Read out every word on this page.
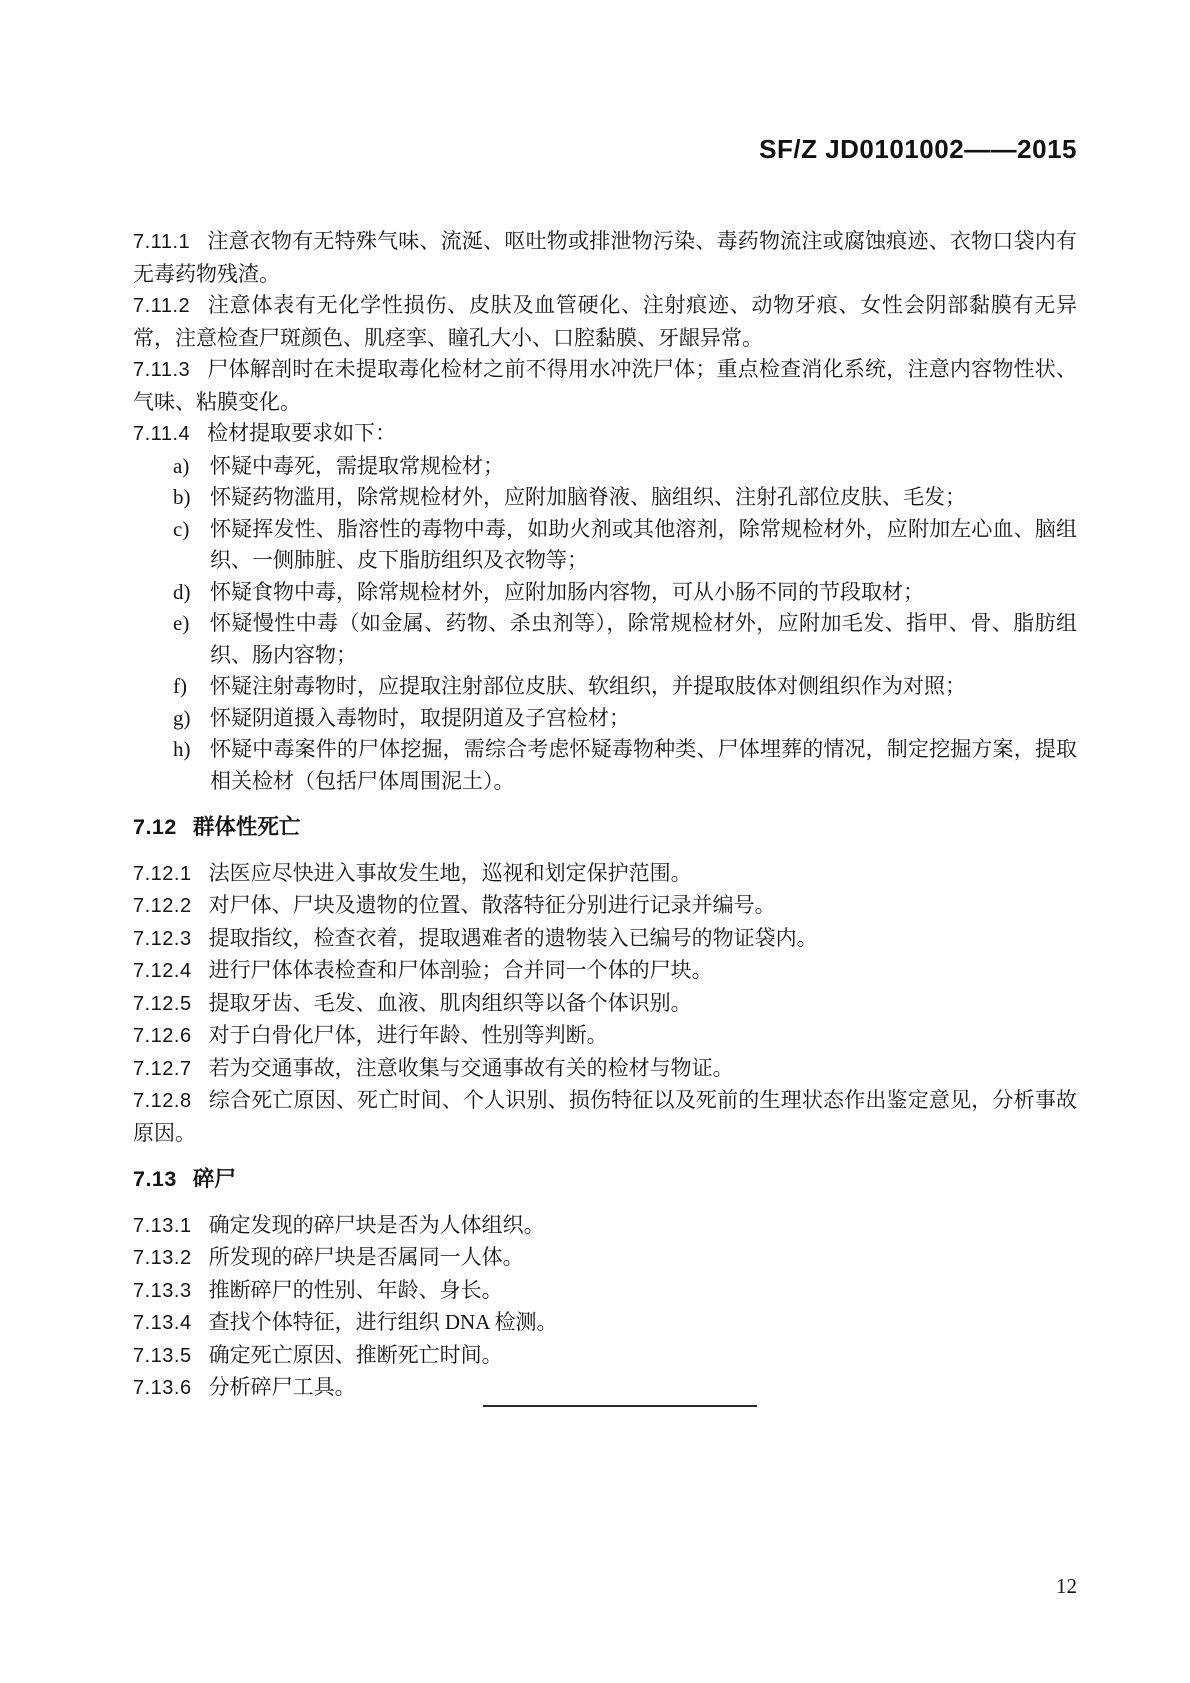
SF/Z JD0101002——2015

7.11.1 注意衣物有无特殊气味、流涎、呕吐物或排泄物污染、毒药物流注或腐蚀痕迹、衣物口袋内有无毒药物残渣。

7.11.2 注意体表有无化学性损伤、皮肤及血管硬化、注射痕迹、动物牙痕、女性会阴部黏膜有无异常，注意检查尸斑颜色、肌痉挛、瞳孔大小、口腔黏膜、牙龈异常。

7.11.3 尸体解剖时在未提取毒化检材之前不得用水冲洗尸体；重点检查消化系统，注意内容物性状、气味、粘膜变化。

7.11.4 检材提取要求如下：

a) 怀疑中毒死，需提取常规检材；

b) 怀疑药物滥用，除常规检材外，应附加脑脊液、脑组织、注射孔部位皮肤、毛发；

c) 怀疑挥发性、脂溶性的毒物中毒，如助火剂或其他溶剂，除常规检材外，应附加左心血、脑组织、一侧肺脏、皮下脂肪组织及衣物等；

d) 怀疑食物中毒，除常规检材外，应附加肠内容物，可从小肠不同的节段取材；

e) 怀疑慢性中毒（如金属、药物、杀虫剂等），除常规检材外，应附加毛发、指甲、骨、脂肪组织、肠内容物；

f) 怀疑注射毒物时，应提取注射部位皮肤、软组织，并提取肢体对侧组织作为对照；

g) 怀疑阴道摄入毒物时，取提阴道及子宫检材；

h) 怀疑中毒案件的尸体挖掘，需综合考虑怀疑毒物种类、尸体埋葬的情况，制定挖掘方案，提取相关检材（包括尸体周围泥土）。

7.12 群体性死亡

7.12.1 法医应尽快进入事故发生地，巡视和划定保护范围。

7.12.2 对尸体、尸块及遗物的位置、散落特征分别进行记录并编号。

7.12.3 提取指纹，检查衣着，提取遇难者的遗物装入已编号的物证袋内。

7.12.4 进行尸体体表检查和尸体剖验；合并同一个体的尸块。

7.12.5 提取牙齿、毛发、血液、肌肉组织等以备个体识别。

7.12.6 对于白骨化尸体，进行年龄、性别等判断。

7.12.7 若为交通事故，注意收集与交通事故有关的检材与物证。

7.12.8 综合死亡原因、死亡时间、个人识别、损伤特征以及死前的生理状态作出鉴定意见，分析事故原因。

7.13 碎尸

7.13.1 确定发现的碎尸块是否为人体组织。

7.13.2 所发现的碎尸块是否属同一人体。

7.13.3 推断碎尸的性别、年龄、身长。

7.13.4 查找个体特征，进行组织 DNA 检测。

7.13.5 确定死亡原因、推断死亡时间。

7.13.6 分析碎尸工具。

12
